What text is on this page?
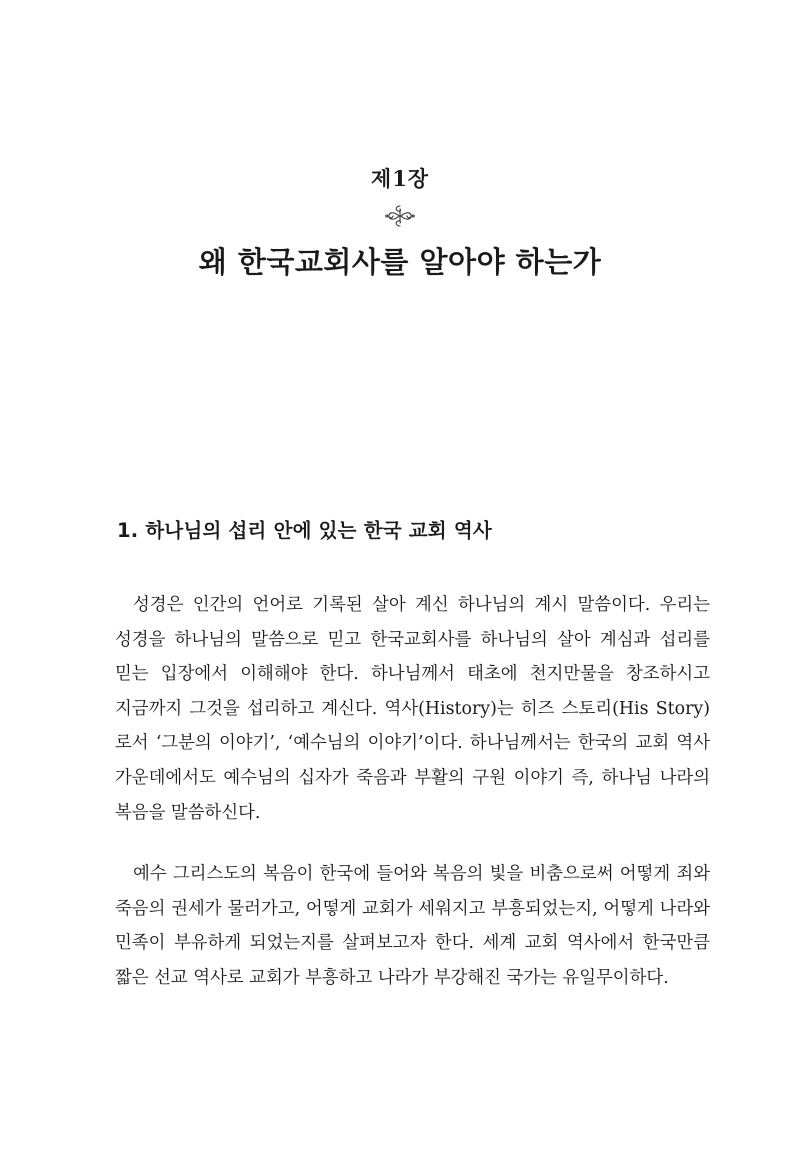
제1장
왜 한국교회사를 알아야 하는가
1. 하나님의 섭리 안에 있는 한국 교회 역사

성경은 인간의 언어로 기록된 살아 계신 하나님의 계시 말씀이다. 우리는 성경을 하나님의 말씀으로 믿고 한국교회사를 하나님의 살아 계심과 섭리를 믿는 입장에서 이해해야 한다. 하나님께서 태초에 천지만물을 창조하시고 지금까지 그것을 섭리하고 계신다. 역사(History)는 히즈 스토리(His Story)로서 ‘그분의 이야기’, ‘예수님의 이야기’이다. 하나님께서는 한국의 교회 역사 가운데에서도 예수님의 십자가 죽음과 부활의 구원 이야기 즉, 하나님 나라의 복음을 말씀하신다.

예수 그리스도의 복음이 한국에 들어와 복음의 빛을 비춤으로써 어떻게 죄와 죽음의 권세가 물러가고, 어떻게 교회가 세워지고 부흥되었는지, 어떻게 나라와 민족이 부유하게 되었는지를 살펴보고자 한다. 세계 교회 역사에서 한국만큼 짧은 선교 역사로 교회가 부흥하고 나라가 부강해진 국가는 유일무이하다.
